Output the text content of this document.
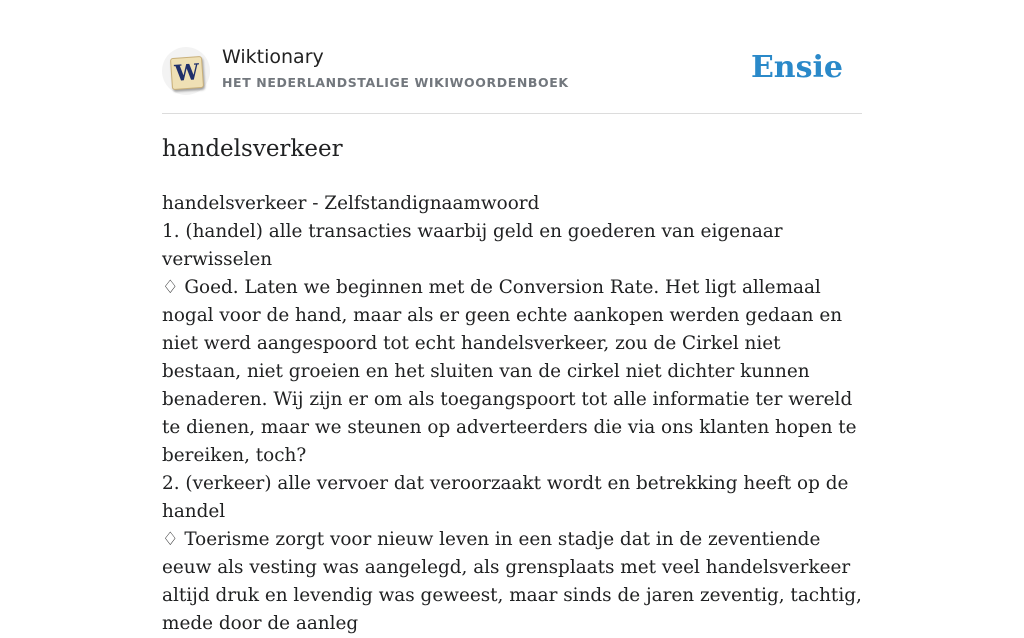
W
Wiktionary
HET NEDERLANDSTALIGE WIKIWOORDENBOEK	Ensie
handelsverkeer
handelsverkeer - Zelfstandignaamwoord
1. (handel) alle transacties waarbij geld en goederen van eigenaar verwisselen
♢ Goed. Laten we beginnen met de Conversion Rate. Het ligt allemaal nogal voor de hand, maar als er geen echte aankopen werden gedaan en niet werd aangespoord tot echt handelsverkeer, zou de Cirkel niet bestaan, niet groeien en het sluiten van de cirkel niet dichter kunnen benaderen. Wij zijn er om als toegangspoort tot alle informatie ter wereld te dienen, maar we steunen op adverteerders die via ons klanten hopen te bereiken, toch?
2. (verkeer) alle vervoer dat veroorzaakt wordt en betrekking heeft op de handel
♢ Toerisme zorgt voor nieuw leven in een stadje dat in de zeventiende eeuw als vesting was aangelegd, als grensplaats met veel handelsverkeer altijd druk en levendig was geweest, maar sinds de jaren zeventig, tachtig, mede door de aanleg
